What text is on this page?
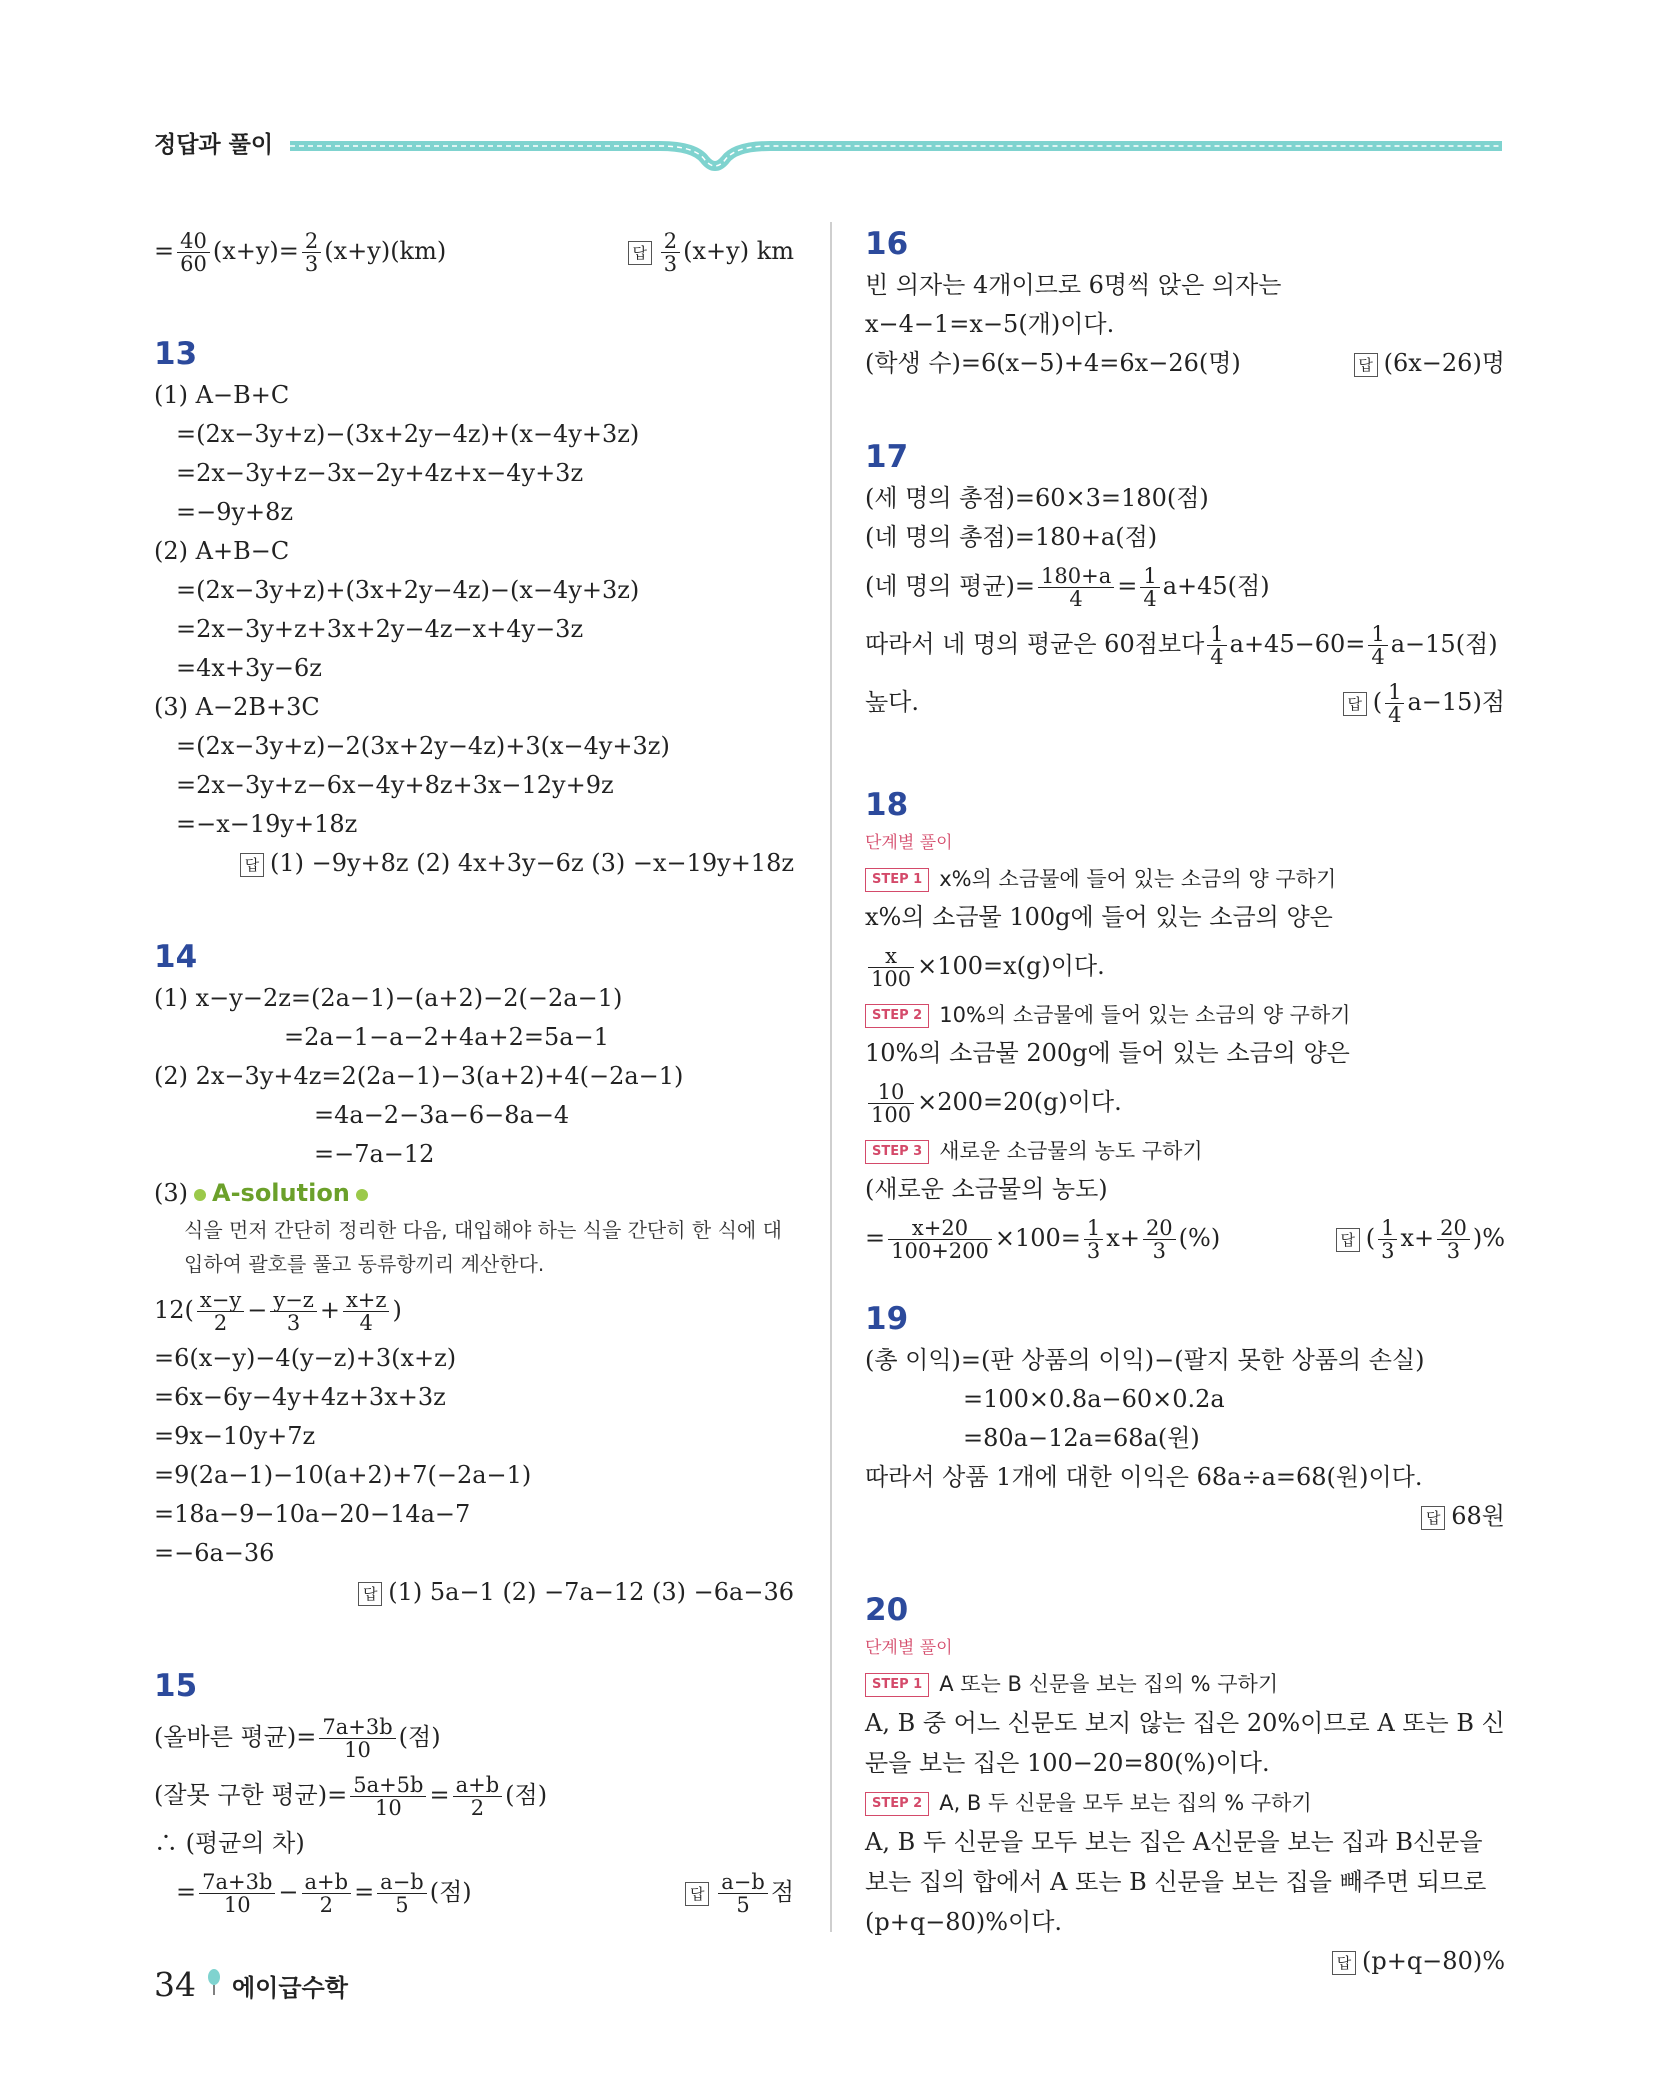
정답과 풀이
= $\frac{40}{60} (x+y)= \frac{2}{3} (x+y)(km)$	답 $\frac{2}{3} (x+y)$ km
13
(1) A−B+C
=(2x−3y+z)−(3x+2y−4z)+(x−4y+3z)
=2x−3y+z−3x−2y+4z+x−4y+3z
=−9y+8z
(2) A+B−C
=(2x−3y+z)+(3x+2y−4z)−(x−4y+3z)
=2x−3y+z+3x+2y−4z−x+4y−3z
=4x+3y−6z
(3) A−2B+3C
=(2x−3y+z)−2(3x+2y−4z)+3(x−4y+3z)
=2x−3y+z−6x−4y+8z+3x−12y+9z
=−x−19y+18z
답 (1) −9y+8z (2) 4x+3y−6z (3) −x−19y+18z
14
(1) x−y−2z=(2a−1)−(a+2)−2(−2a−1)
=2a−1−a−2+4a+2=5a−1
(2) 2x−3y+4z=2(2a−1)−3(a+2)+4(−2a−1)
=4a−2−3a−6−8a−4
=−7a−12
(3) A-solution
식을 먼저 간단히 정리한 다음, 대입해야 하는 식을 간단히 한 식에 대입하여 괄호를 풀고 동류항끼리 계산한다.
$12( \frac{x-y}{2} - \frac{y-z}{3} + \frac{x+z}{4}$ )
=6(x−y)−4(y−z)+3(x+z)
=6x−6y−4y+4z+3x+3z
=9x−10y+7z
=9(2a−1)−10(a+2)+7(−2a−1)
=18a−9−10a−20−14a−7
=−6a−36
답 (1) 5a−1 (2) −7a−12 (3) −6a−36
15
(올바른 평균)= $\frac{7a+3b}{10}$ (점)
(잘못 구한 평균)= $\frac{5a+5b}{10} = \frac{a+b}{2}$ (점)
∴ (평균의 차)
= $\frac{7a+3b}{10} - \frac{a+b}{2} = \frac{a-b}{5}$ (점)	답 $\frac{a-b}{5}$ 점
16
빈 의자는 4개이므로 6명씩 앉은 의자는
x−4−1=x−5(개)이다.
(학생 수)=6(x−5)+4=6x−26(명)	답 (6x−26)명
17
(세 명의 총점)=60×3=180(점)
(네 명의 총점)=180+a(점)
(네 명의 평균)= $\frac{180+a}{4} = \frac{1}{4} a+45$(점)
따라서 네 명의 평균은 60점보다 $\frac{1}{4} a+45-60= \frac{1}{4} a-15$(점)
높다.	답 ( $\frac{1}{4} a-15$)점
18
단계별 풀이
STEP 1 x%의 소금물에 들어 있는 소금의 양 구하기
x%의 소금물 100g에 들어 있는 소금의 양은
$\frac{x}{100} \times 100=x(g)$이다.
STEP 2 10%의 소금물에 들어 있는 소금의 양 구하기
10%의 소금물 200g에 들어 있는 소금의 양은
$\frac{10}{100} \times 200=20(g)$이다.
STEP 3 새로운 소금물의 농도 구하기
(새로운 소금물의 농도)
= $\frac{x+20}{100+200} \times 100= \frac{1}{3} x+ \frac{20}{3}$ (%)	답 ( $\frac{1}{3} x+ \frac{20}{3}$ )%
19
(총 이익)=(판 상품의 이익)−(팔지 못한 상품의 손실)
=100×0.8a−60×0.2a
=80a−12a=68a(원)
따라서 상품 1개에 대한 이익은 68a÷a=68(원)이다.
답 68원
20
단계별 풀이
STEP 1 A 또는 B 신문을 보는 집의 % 구하기
A, B 중 어느 신문도 보지 않는 집은 20%이므로 A 또는 B 신문을 보는 집은 100−20=80(%)이다.
STEP 2 A, B 두 신문을 모두 보는 집의 % 구하기
A, B 두 신문을 모두 보는 집은 A신문을 보는 집과 B신문을 보는 집의 합에서 A 또는 B 신문을 보는 집을 빼주면 되므로 (p+q−80)%이다.
답 (p+q−80)%
34 에이급수학
